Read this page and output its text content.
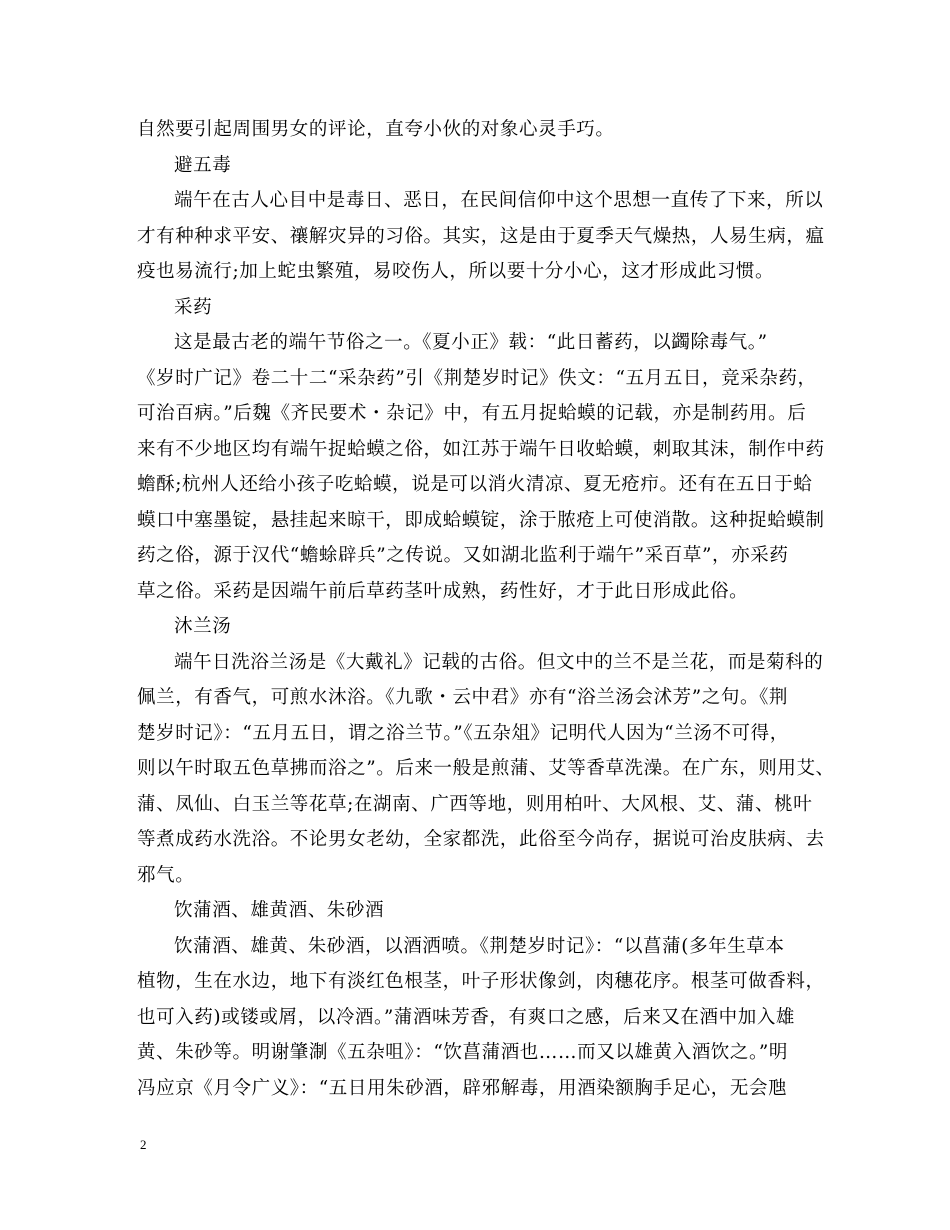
自然要引起周围男女的评论，直夸小伙的对象心灵手巧。
避五毒
端午在古人心目中是毒日、恶日，在民间信仰中这个思想一直传了下来，所以
才有种种求平安、禳解灾异的习俗。其实，这是由于夏季天气燥热，人易生病，瘟
疫也易流行;加上蛇虫繁殖，易咬伤人，所以要十分小心，这才形成此习惯。
采药
这是最古老的端午节俗之一。《夏小正》载：“此日蓄药，以蠲除毒气。”
《岁时广记》卷二十二“采杂药”引《荆楚岁时记》佚文：“五月五日，竞采杂药，
可治百病。”后魏《齐民要术・杂记》中，有五月捉蛤蟆的记载，亦是制药用。后
来有不少地区均有端午捉蛤蟆之俗，如江苏于端午日收蛤蟆，刺取其沫，制作中药
蟾酥;杭州人还给小孩子吃蛤蟆，说是可以消火清凉、夏无疮疖。还有在五日于蛤
蟆口中塞墨锭，悬挂起来晾干，即成蛤蟆锭，涂于脓疮上可使消散。这种捉蛤蟆制
药之俗，源于汉代“蟾蜍辟兵”之传说。又如湖北监利于端午”采百草”，亦采药
草之俗。采药是因端午前后草药茎叶成熟，药性好，才于此日形成此俗。
沐兰汤
端午日洗浴兰汤是《大戴礼》记载的古俗。但文中的兰不是兰花，而是菊科的
佩兰，有香气，可煎水沐浴。《九歌・云中君》亦有“浴兰汤会沭芳”之句。《荆
楚岁时记》：“五月五日，谓之浴兰节。”《五杂俎》记明代人因为“兰汤不可得，
则以午时取五色草拂而浴之”。后来一般是煎蒲、艾等香草洗澡。在广东，则用艾、
蒲、凤仙、白玉兰等花草;在湖南、广西等地，则用柏叶、大风根、艾、蒲、桃叶
等煮成药水洗浴。不论男女老幼，全家都洗，此俗至今尚存，据说可治皮肤病、去
邪气。
饮蒲酒、雄黄酒、朱砂酒
饮蒲酒、雄黄、朱砂酒，以酒洒喷。《荆楚岁时记》：“以菖蒲(多年生草本
植物，生在水边，地下有淡红色根茎，叶子形状像剑，肉穗花序。根茎可做香料，
也可入药)或镂或屑，以冷酒。”蒲酒味芳香，有爽口之感，后来又在酒中加入雄
黄、朱砂等。明谢肇淛《五杂咀》：“饮菖蒲酒也……而又以雄黄入酒饮之。”明
冯应京《月令广义》：“五日用朱砂酒，辟邪解毒，用酒染额胸手足心，无会虺
2
